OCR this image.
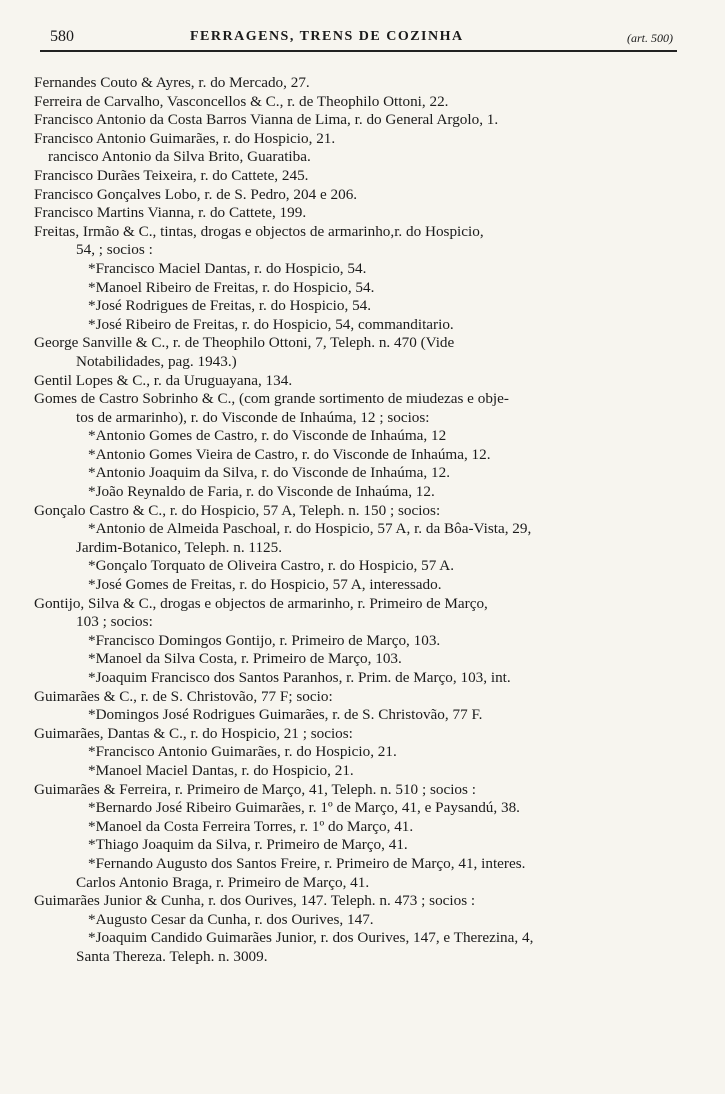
580	FERRAGENS, TRENS DE COZINHA	(art. 500)
Fernandes Couto & Ayres, r. do Mercado, 27.
Ferreira de Carvalho, Vasconcellos & C., r. de Theophilo Ottoni, 22.
Francisco Antonio da Costa Barros Vianna de Lima, r. do General Argolo, 1.
Francisco Antonio Guimarães, r. do Hospicio, 21.
rancisco Antonio da Silva Brito, Guaratiba.
Francisco Durães Teixeira, r. do Cattete, 245.
Francisco Gonçalves Lobo, r. de S. Pedro, 204 e 206.
Francisco Martins Vianna, r. do Cattete, 199.
Freitas, Irmão & C., tintas, drogas e objectos de armarinho,r. do Hospicio,
54, ; socios :
* Francisco Maciel Dantas, r. do Hospicio, 54.
* Manoel Ribeiro de Freitas, r. do Hospicio, 54.
* José Rodrigues de Freitas, r. do Hospicio, 54.
* José Ribeiro de Freitas, r. do Hospicio, 54, commanditario.
George Sanville & C., r. de Theophilo Ottoni, 7, Teleph. n. 470 (Vide
Notabilidades, pag. 1943.)
Gentil Lopes & C., r. da Uruguayana, 134.
Gomes de Castro Sobrinho & C., (com grande sortimento de miudezas e obje-
tos de armarinho), r. do Visconde de Inhaúma, 12 ; socios:
* Antonio Gomes de Castro, r. do Visconde de Inhaúma, 12
* Antonio Gomes Vieira de Castro, r. do Visconde de Inhaúma, 12.
* Antonio Joaquim da Silva, r. do Visconde de Inhaúma, 12.
* João Reynaldo de Faria, r. do Visconde de Inhaúma, 12.
Gonçalo Castro & C., r. do Hospicio, 57 A, Teleph. n. 150 ; socios:
* Antonio de Almeida Paschoal, r. do Hospicio, 57 A, r. da Bôa-Vista, 29,
Jardim-Botanico, Teleph. n. 1125.
* Gonçalo Torquato de Oliveira Castro, r. do Hospicio, 57 A.
* José Gomes de Freitas, r. do Hospicio, 57 A, interessado.
Gontijo, Silva & C., drogas e objectos de armarinho, r. Primeiro de Março,
103 ; socios:
* Francisco Domingos Gontijo, r. Primeiro de Março, 103.
* Manoel da Silva Costa, r. Primeiro de Março, 103.
* Joaquim Francisco dos Santos Paranhos, r. Prim. de Março, 103, int.
Guimarães & C., r. de S. Christovão, 77 F; socio:
* Domingos José Rodrigues Guimarães, r. de S. Christovão, 77 F.
Guimarães, Dantas & C., r. do Hospicio, 21 ; socios:
* Francisco Antonio Guimarães, r. do Hospicio, 21.
* Manoel Maciel Dantas, r. do Hospicio, 21.
Guimarães & Ferreira, r. Primeiro de Março, 41, Teleph. n. 510 ; socios :
* Bernardo José Ribeiro Guimarães, r. 1º de Março, 41, e Paysandú, 38.
* Manoel da Costa Ferreira Torres, r. 1º do Março, 41.
* Thiago Joaquim da Silva, r. Primeiro de Março, 41.
* Fernando Augusto dos Santos Freire, r. Primeiro de Março, 41, interes.
Carlos Antonio Braga, r. Primeiro de Março, 41.
Guimarães Junior & Cunha, r. dos Ourives, 147. Teleph. n. 473 ; socios :
* Augusto Cesar da Cunha, r. dos Ourives, 147.
* Joaquim Candido Guimarães Junior, r. dos Ourives, 147, e Therezina, 4,
Santa Thereza. Teleph. n. 3009.
